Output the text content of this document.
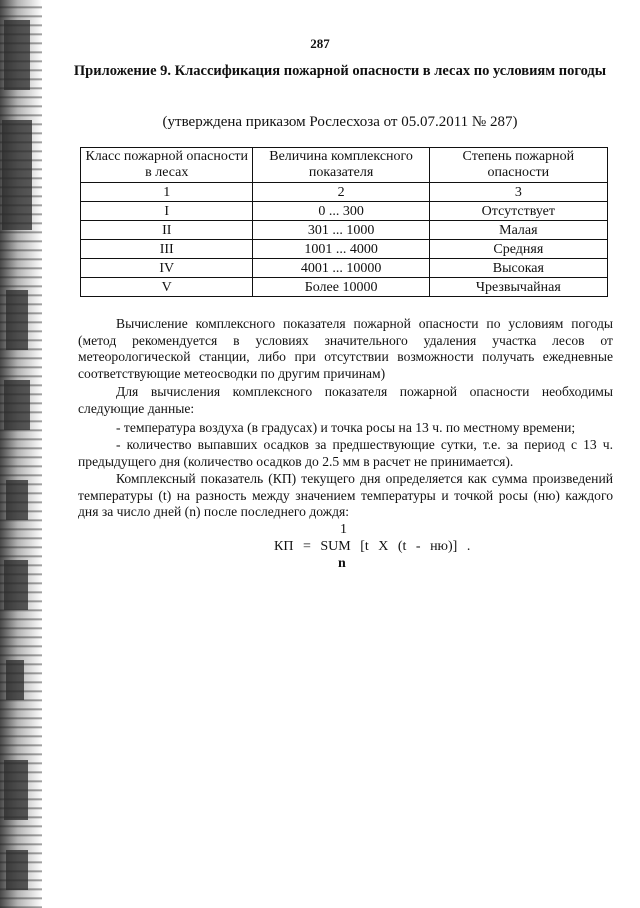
287
Приложение 9. Классификация пожарной опасности в лесах по условиям погоды
(утверждена приказом Рослесхоза от 05.07.2011 № 287)
Класс пожарной опасности в лесах	Величина комплексного показателя	Степень пожарной опасности
1	2	3
I	0 ... 300	Отсутствует
II	301 ... 1000	Малая
III	1001 ... 4000	Средняя
IV	4001 ... 10000	Высокая
V	Более 10000	Чрезвычайная

Вычисление комплексного показателя пожарной опасности по условиям погоды (метод рекомендуется в условиях значительного удаления участка лесов от метеорологической станции, либо при отсутствии возможности получать ежедневные соответствующие метеосводки по другим причинам)

Для вычисления комплексного показателя пожарной опасности необходимы следующие данные:

- температура воздуха (в градусах) и точка росы на 13 ч. по местному времени;

- количество выпавших осадков за предшествующие сутки, т.е. за период с 13 ч. предыдущего дня (количество осадков до 2.5 мм в расчет не принимается).

Комплексный показатель (КП) текущего дня определяется как сумма произведений температуры (t) на разность между значением температуры и точкой росы (ню) каждого дня за число дней (n) после последнего дождя:

1
КП = SUM [t X (t - ню)] .
n
